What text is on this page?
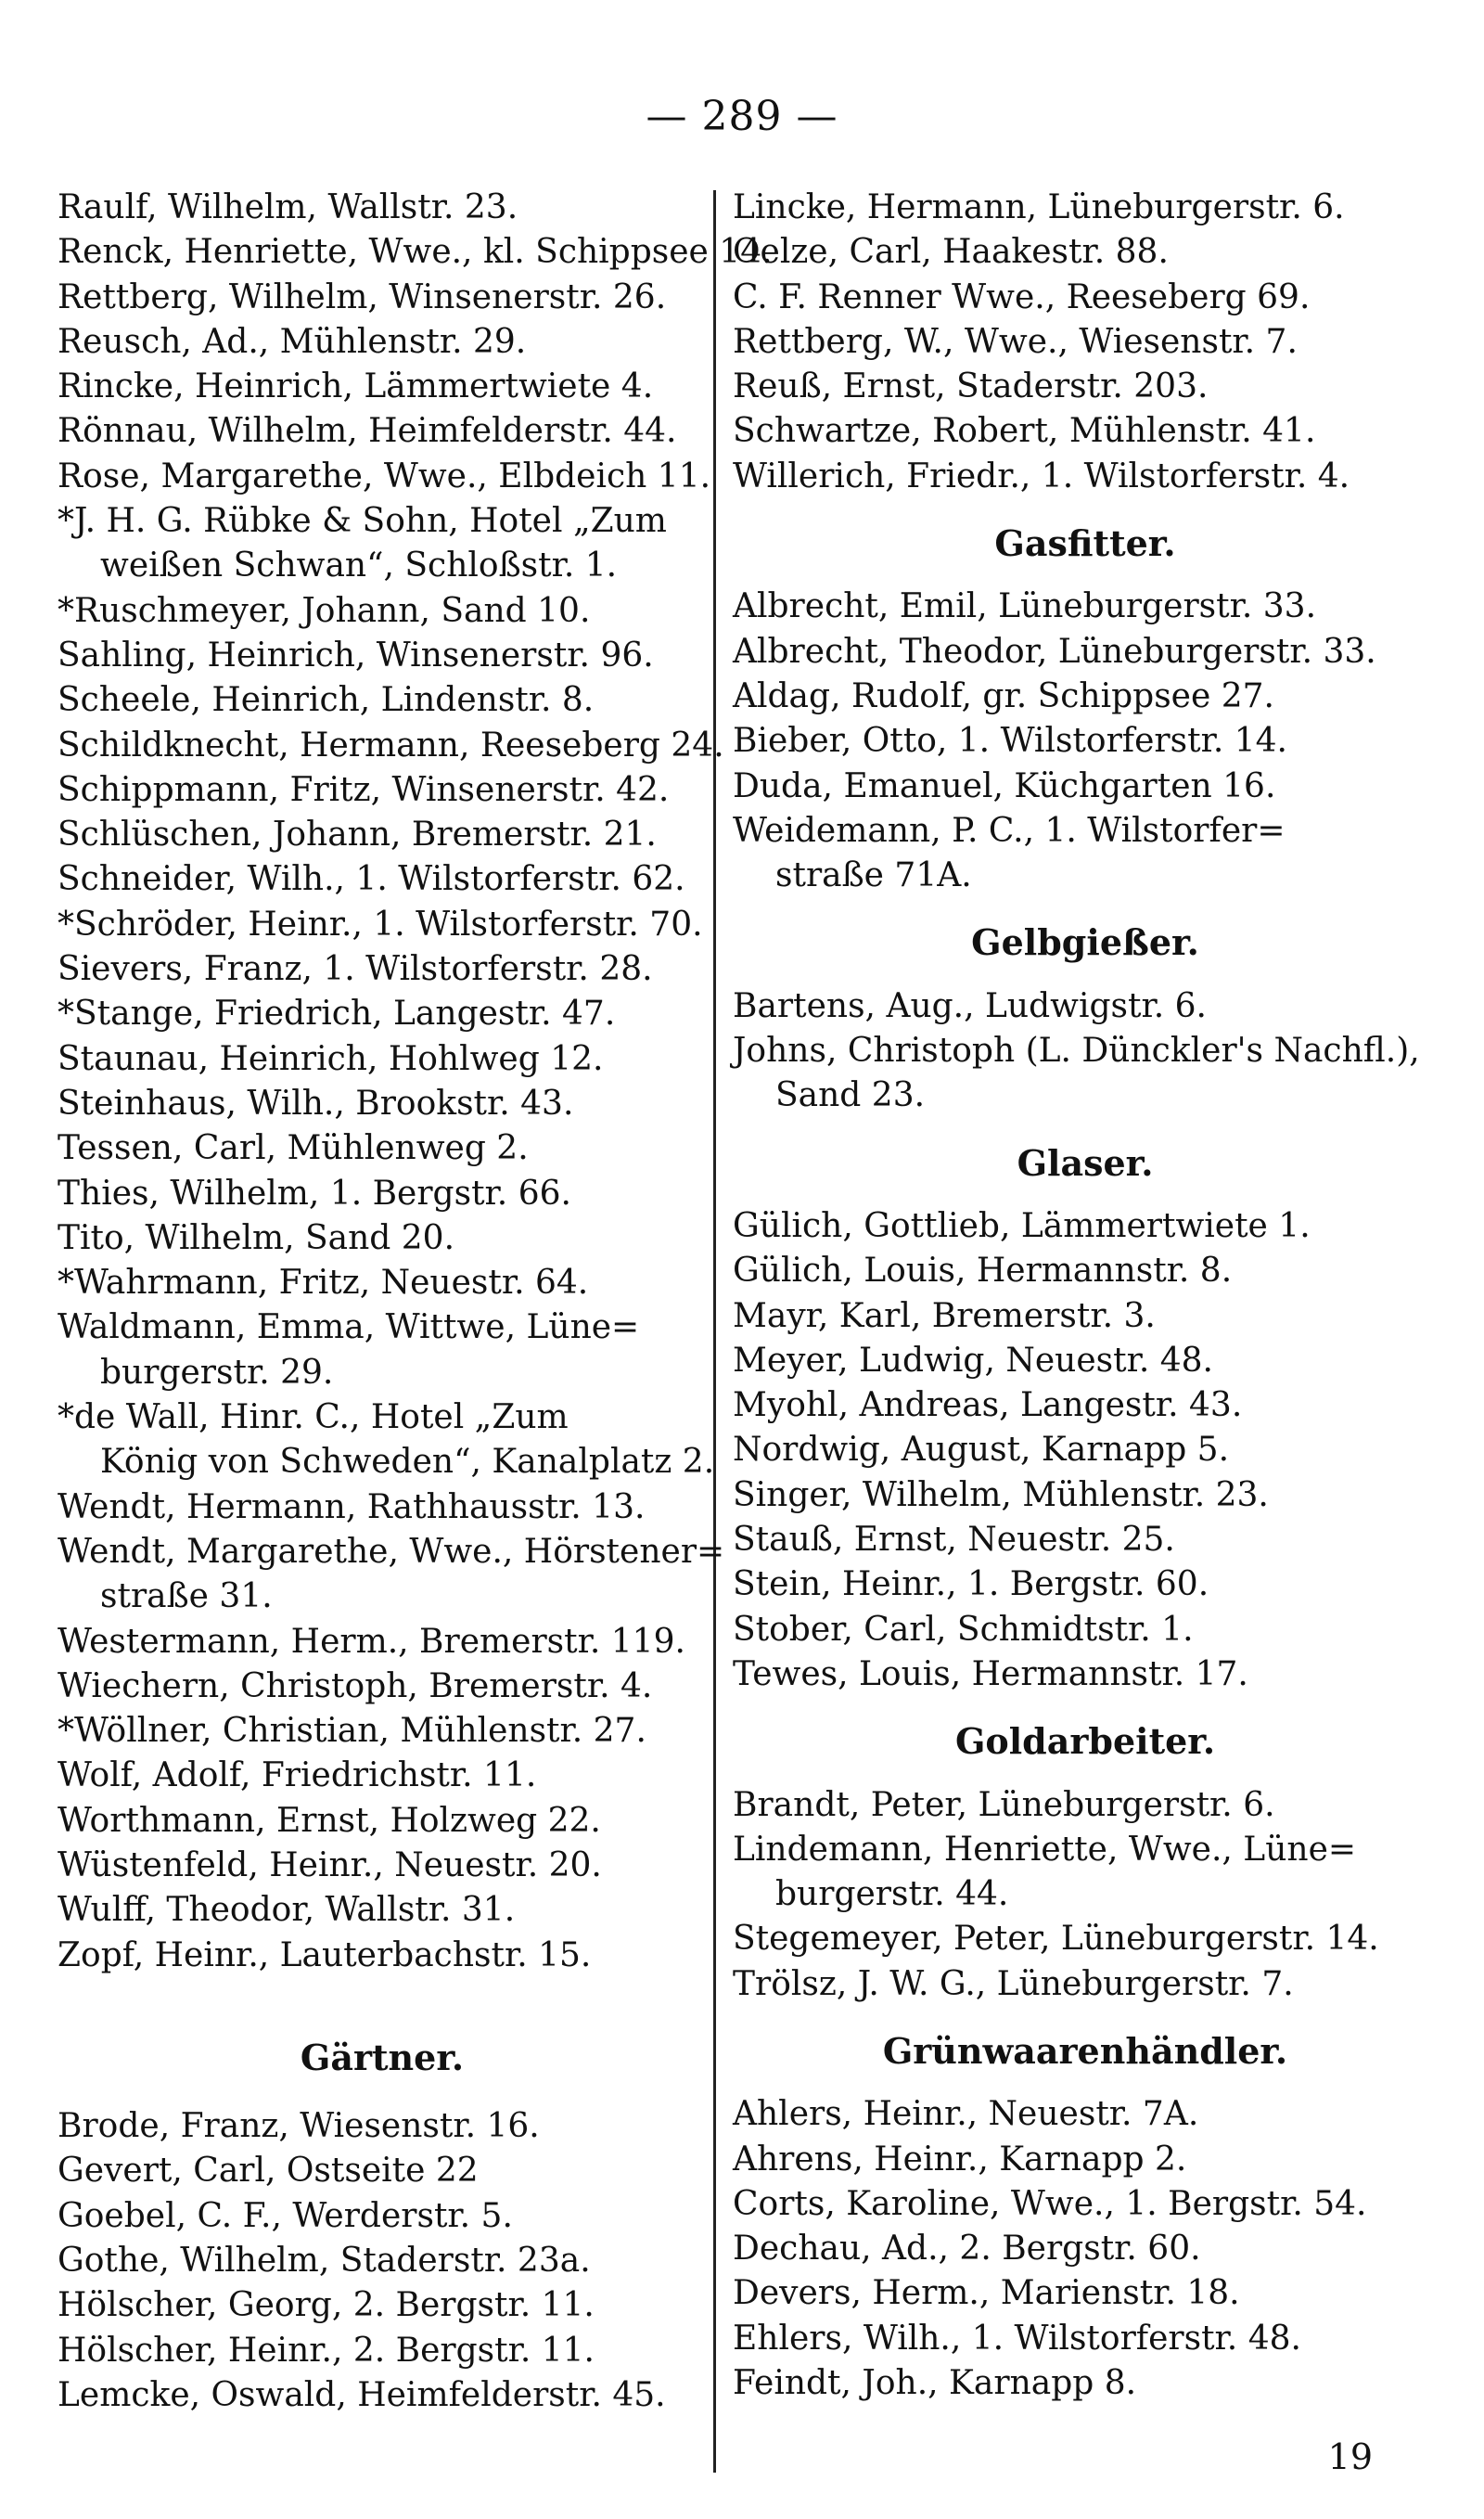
— 289 —
Raulf, Wilhelm, Wallstr. 23.
Renck, Henriette, Wwe., kl. Schippsee 14.
Rettberg, Wilhelm, Winsenerstr. 26.
Reusch, Ad., Mühlenstr. 29.
Rincke, Heinrich, Lämmertwiete 4.
Rönnau, Wilhelm, Heimfelderstr. 44.
Rose, Margarethe, Wwe., Elbdeich 11.
*J. H. G. Rübke & Sohn, Hotel „Zum
weißen Schwan“, Schloßstr. 1.
*Ruschmeyer, Johann, Sand 10.
Sahling, Heinrich, Winsenerstr. 96.
Scheele, Heinrich, Lindenstr. 8.
Schildknecht, Hermann, Reeseberg 24.
Schippmann, Fritz, Winsenerstr. 42.
Schlüschen, Johann, Bremerstr. 21.
Schneider, Wilh., 1. Wilstorferstr. 62.
*Schröder, Heinr., 1. Wilstorferstr. 70.
Sievers, Franz, 1. Wilstorferstr. 28.
*Stange, Friedrich, Langestr. 47.
Staunau, Heinrich, Hohlweg 12.
Steinhaus, Wilh., Brookstr. 43.
Tessen, Carl, Mühlenweg 2.
Thies, Wilhelm, 1. Bergstr. 66.
Tito, Wilhelm, Sand 20.
*Wahrmann, Fritz, Neuestr. 64.
Waldmann, Emma, Wittwe, Lüne=
burgerstr. 29.
*de Wall, Hinr. C., Hotel „Zum
König von Schweden“, Kanalplatz 2.
Wendt, Hermann, Rathhausstr. 13.
Wendt, Margarethe, Wwe., Hörstener=
straße 31.
Westermann, Herm., Bremerstr. 119.
Wiechern, Christoph, Bremerstr. 4.
*Wöllner, Christian, Mühlenstr. 27.
Wolf, Adolf, Friedrichstr. 11.
Worthmann, Ernst, Holzweg 22.
Wüstenfeld, Heinr., Neuestr. 20.
Wulff, Theodor, Wallstr. 31.
Zopf, Heinr., Lauterbachstr. 15.
Gärtner.
Brode, Franz, Wiesenstr. 16.
Gevert, Carl, Ostseite 22
Goebel, C. F., Werderstr. 5.
Gothe, Wilhelm, Staderstr. 23a.
Hölscher, Georg, 2. Bergstr. 11.
Hölscher, Heinr., 2. Bergstr. 11.
Lemcke, Oswald, Heimfelderstr. 45.
Lincke, Hermann, Lüneburgerstr. 6.
Oelze, Carl, Haakestr. 88.
C. F. Renner Wwe., Reeseberg 69.
Rettberg, W., Wwe., Wiesenstr. 7.
Reuß, Ernst, Staderstr. 203.
Schwartze, Robert, Mühlenstr. 41.
Willerich, Friedr., 1. Wilstorferstr. 4.
Gasfitter.
Albrecht, Emil, Lüneburgerstr. 33.
Albrecht, Theodor, Lüneburgerstr. 33.
Aldag, Rudolf, gr. Schippsee 27.
Bieber, Otto, 1. Wilstorferstr. 14.
Duda, Emanuel, Küchgarten 16.
Weidemann, P. C., 1. Wilstorfer=
straße 71A.
Gelbgießer.
Bartens, Aug., Ludwigstr. 6.
Johns, Christoph (L. Dünckler's Nachfl.),
Sand 23.
Glaser.
Gülich, Gottlieb, Lämmertwiete 1.
Gülich, Louis, Hermannstr. 8.
Mayr, Karl, Bremerstr. 3.
Meyer, Ludwig, Neuestr. 48.
Myohl, Andreas, Langestr. 43.
Nordwig, August, Karnapp 5.
Singer, Wilhelm, Mühlenstr. 23.
Stauß, Ernst, Neuestr. 25.
Stein, Heinr., 1. Bergstr. 60.
Stober, Carl, Schmidtstr. 1.
Tewes, Louis, Hermannstr. 17.
Goldarbeiter.
Brandt, Peter, Lüneburgerstr. 6.
Lindemann, Henriette, Wwe., Lüne=
burgerstr. 44.
Stegemeyer, Peter, Lüneburgerstr. 14.
Trölsz, J. W. G., Lüneburgerstr. 7.
Grünwaarenhändler.
Ahlers, Heinr., Neuestr. 7A.
Ahrens, Heinr., Karnapp 2.
Corts, Karoline, Wwe., 1. Bergstr. 54.
Dechau, Ad., 2. Bergstr. 60.
Devers, Herm., Marienstr. 18.
Ehlers, Wilh., 1. Wilstorferstr. 48.
Feindt, Joh., Karnapp 8.
19
